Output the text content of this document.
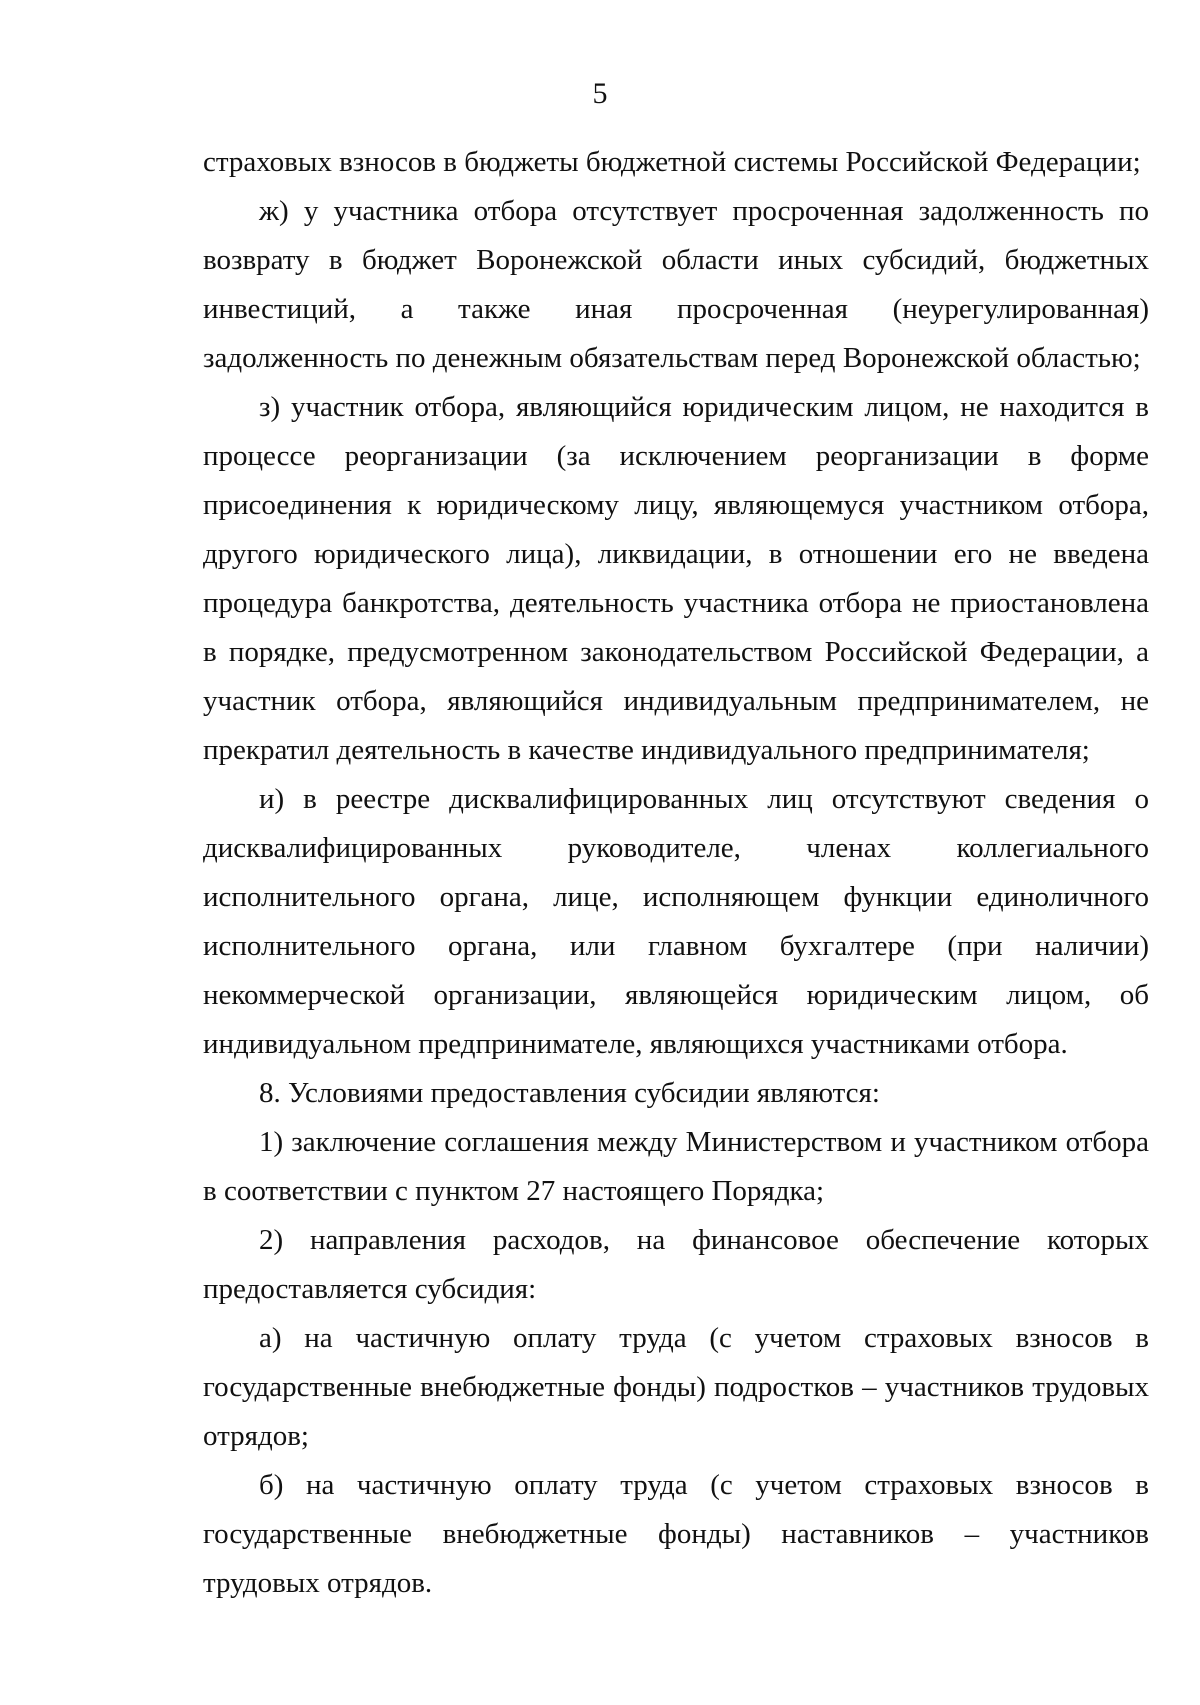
5

страховых взносов в бюджеты бюджетной системы Российской Федерации;

ж) у участника отбора отсутствует просроченная задолженность по возврату в бюджет Воронежской области иных субсидий, бюджетных инвестиций, а также иная просроченная (неурегулированная) задолженность по денежным обязательствам перед Воронежской областью;

з) участник отбора, являющийся юридическим лицом, не находится в процессе реорганизации (за исключением реорганизации в форме присоединения к юридическому лицу, являющемуся участником отбора, другого юридического лица), ликвидации, в отношении его не введена процедура банкротства, деятельность участника отбора не приостановлена в порядке, предусмотренном законодательством Российской Федерации, а участник отбора, являющийся индивидуальным предпринимателем, не прекратил деятельность в качестве индивидуального предпринимателя;

и) в реестре дисквалифицированных лиц отсутствуют сведения о дисквалифицированных руководителе, членах коллегиального исполнительного органа, лице, исполняющем функции единоличного исполнительного органа, или главном бухгалтере (при наличии) некоммерческой организации, являющейся юридическим лицом, об индивидуальном предпринимателе, являющихся участниками отбора.

8. Условиями предоставления субсидии являются:

1) заключение соглашения между Министерством и участником отбора в соответствии с пунктом 27 настоящего Порядка;

2) направления расходов, на финансовое обеспечение которых предоставляется субсидия:

а) на частичную оплату труда (с учетом страховых взносов в государственные внебюджетные фонды) подростков – участников трудовых отрядов;

б) на частичную оплату труда (с учетом страховых взносов в государственные внебюджетные фонды) наставников – участников трудовых отрядов.
